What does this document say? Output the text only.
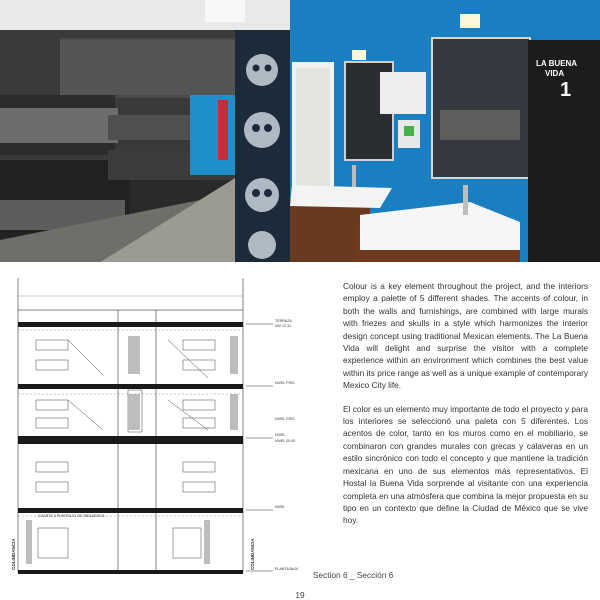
LA BUENA
VIDA
1
TERRAZA
NIV 12.31
NIVEL PISO
NIVEL PISO
NIVEL
NIVEL 00.00
NIVEL
PLANTA BAJA
CUARTO 1 PUERTA 01 DE TABLAROCA
COLINDANCIA	COLINDANCIA

Colour is a key element throughout the project, and the interiors employ a palette of 5 different shades. The accents of colour, in both the walls and furnishings, are combined with large murals with friezes and skulls in a style which harmonizes the interior design concept using traditional Mexican elements. The La Buena Vida will delight and surprise the visitor with a complete experience within an environment which combines the best value within its price range as well as a unique example of contemporary Mexico City life.

El color es un elemento muy importante de todo el proyecto y para los interiores se seleccionó una paleta con 5 diferentes. Los acentos de color, tanto en los muros como en el mobiliario, se combinaron con grandes murales con grecas y calaveras en un estilo sincrónico con todo el concepto y que mantiene la tradición mexicana en uno de sus elementos más representativos. El Hostal la Buena Vida sorprende al visitante con una experiencia completa en una atmósfera que combina la mejor propuesta en su tipo en un contexto que define la Ciudad de México que se vive hoy.

Section 6 _ Sección 6
19
